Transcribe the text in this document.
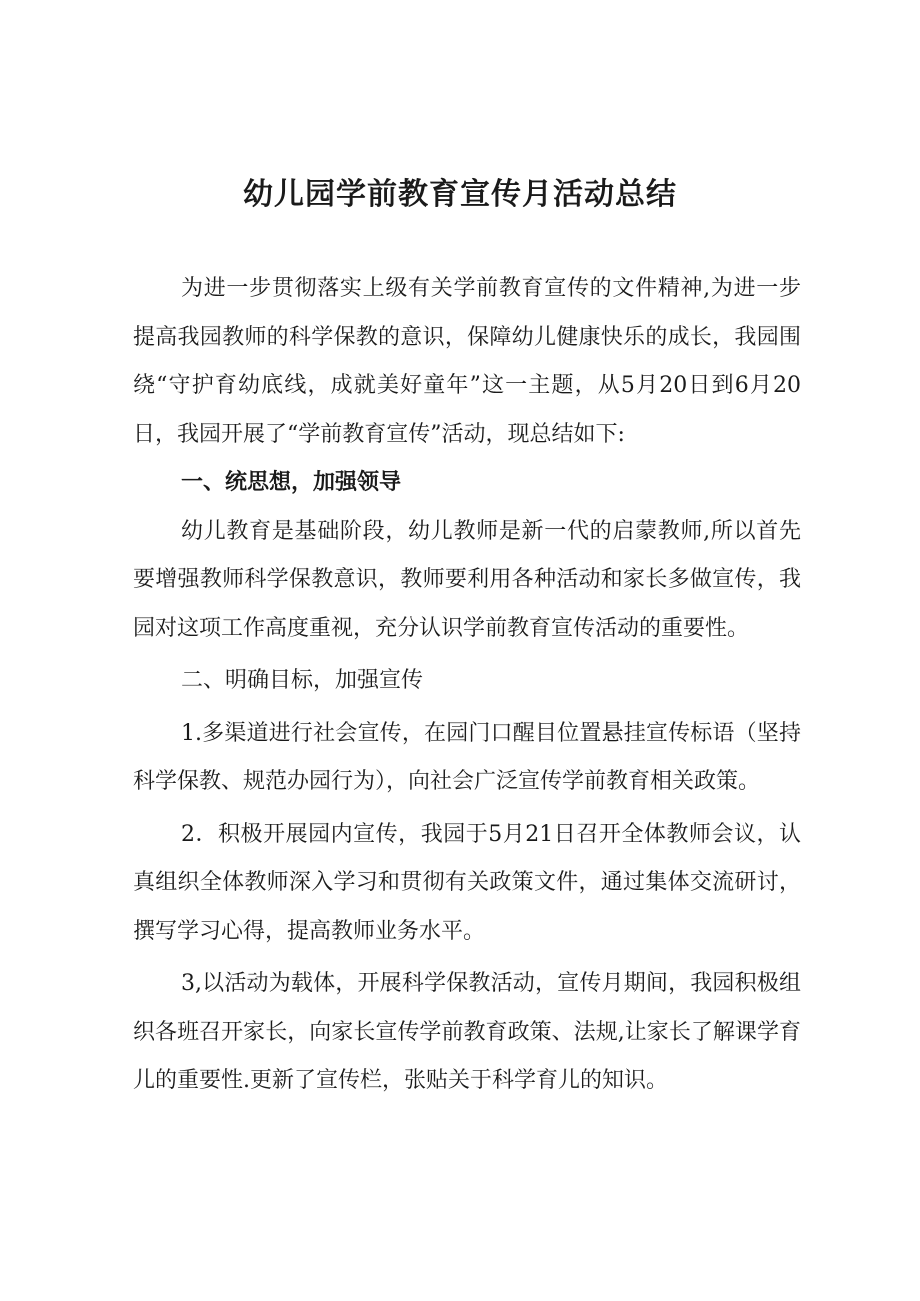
幼儿园学前教育宣传月活动总结

为进一步贯彻落实上级有关学前教育宣传的文件精神,为进一步提高我园教师的科学保教的意识，保障幼儿健康快乐的成长，我园围绕“守护育幼底线，成就美好童年”这一主题，从5月20日到6月20日，我园开展了“学前教育宣传”活动，现总结如下:

一、统思想，加强领导

幼儿教育是基础阶段，幼儿教师是新一代的启蒙教师,所以首先要增强教师科学保教意识，教师要利用各种活动和家长多做宣传，我园对这项工作高度重视，充分认识学前教育宣传活动的重要性。

二、明确目标，加强宣传

1.多渠道进行社会宣传，在园门口醒目位置悬挂宣传标语（坚持科学保教、规范办园行为），向社会广泛宣传学前教育相关政策。

2．积极开展园内宣传，我园于5月21日召开全体教师会议，认真组织全体教师深入学习和贯彻有关政策文件，通过集体交流研讨，撰写学习心得，提高教师业务水平。

3,以活动为载体，开展科学保教活动，宣传月期间，我园积极组织各班召开家长，向家长宣传学前教育政策、法规,让家长了解课学育儿的重要性.更新了宣传栏，张贴关于科学育儿的知识。
